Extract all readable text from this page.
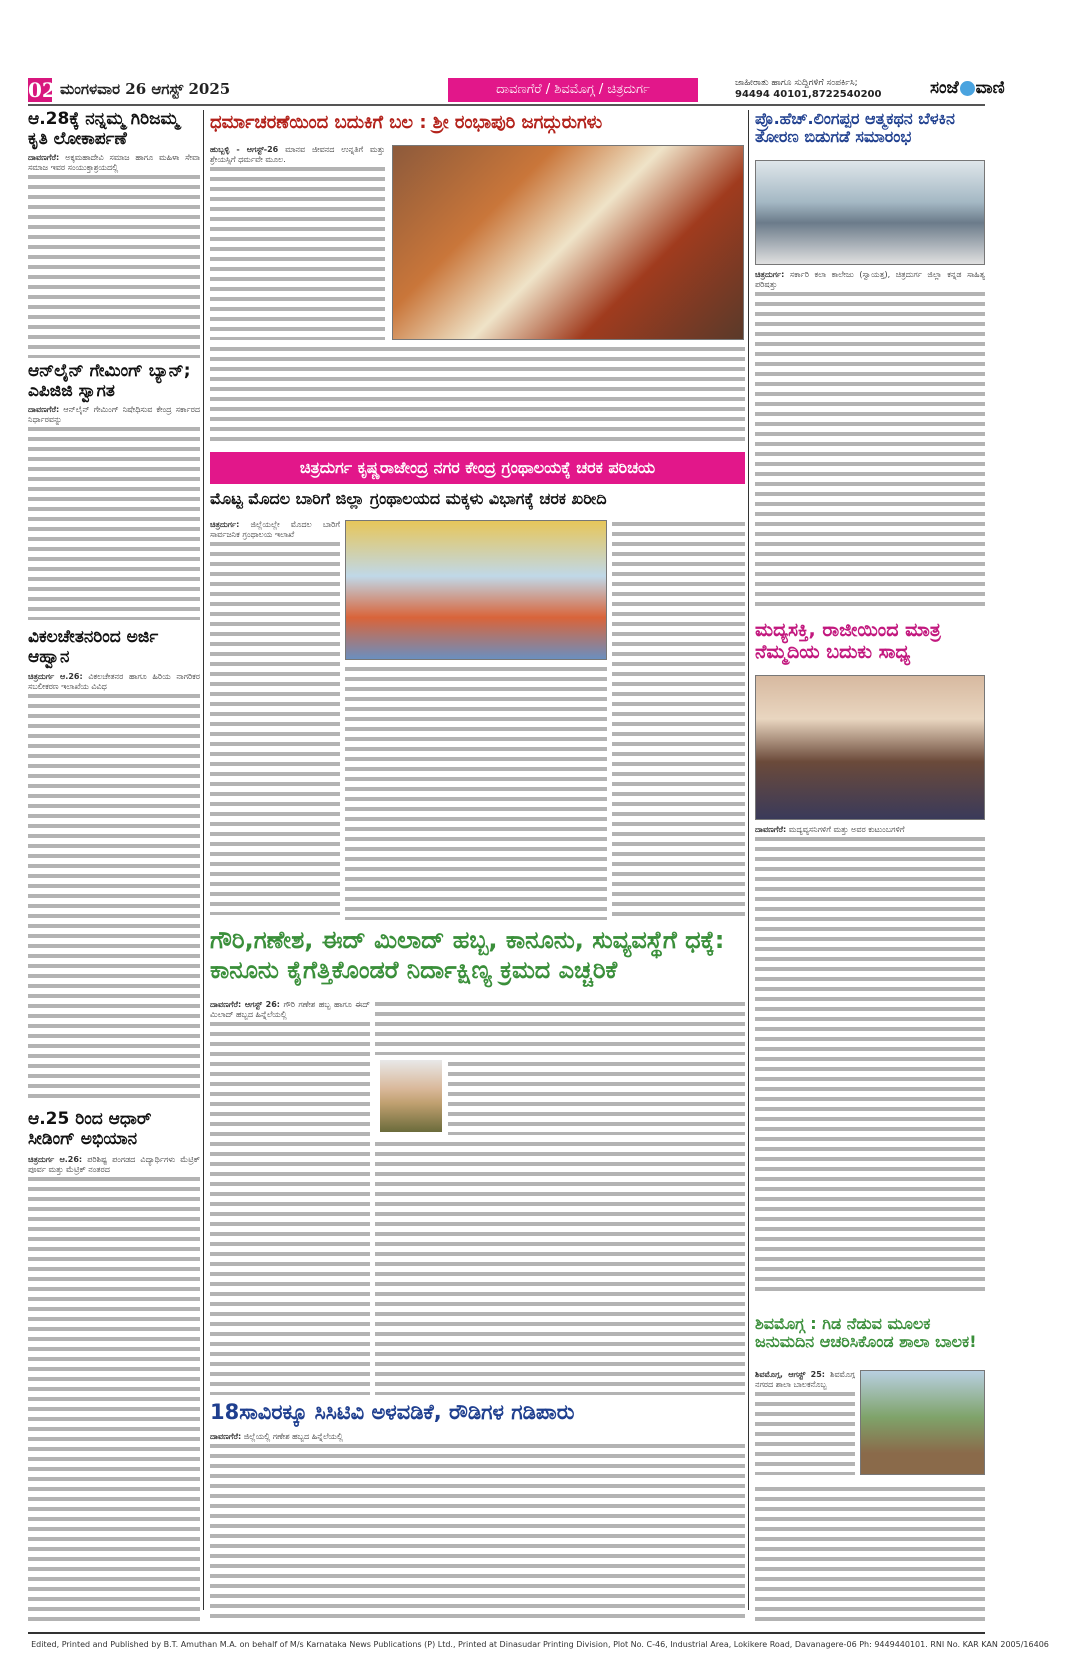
02 ಮಂಗಳವಾರ 26 ಆಗಸ್ಟ್ 2025	ದಾವಣಗೆರೆ / ಶಿವಮೊಗ್ಗ / ಚಿತ್ರದುರ್ಗ	ಜಾಹೀರಾತು ಹಾಗೂ ಸುದ್ದಿಗಳಿಗೆ ಸಂಪರ್ಕಿಸಿ;
94494 40101,8722540200	ಸಂಜೆ ವಾಣಿ
ಆ.28ಕ್ಕೆ ನನ್ನಮ್ಮ ಗಿರಿಜಮ್ಮ ಕೃತಿ ಲೋಕಾರ್ಪಣೆ

ದಾವಣಗೆರೆ: ಅಕ್ಕಮಹಾದೇವಿ ಸಮಾಜ ಹಾಗೂ ಮಹಿಳಾ ಸೇವಾ ಸಮಾಜ ಇವರ ಸಂಯುಕ್ತಾಶ್ರಯದಲ್ಲಿ

ಆನ್‌ಲೈನ್ ಗೇಮಿಂಗ್ ಬ್ಯಾನ್; ಎಪಿಜಿಜಿ ಸ್ವಾಗತ

ದಾವಣಗೆರೆ: ಆನ್‌ಲೈನ್ ಗೇಮಿಂಗ್ ನಿಷೇಧಿಸುವ ಕೇಂದ್ರ ಸರ್ಕಾರದ ನಿರ್ಧಾರವನ್ನು

ವಿಕಲಚೇತನರಿಂದ ಅರ್ಜಿ ಆಹ್ವಾನ

ಚಿತ್ರದುರ್ಗ ಆ.26: ವಿಕಲಚೇತನರ ಹಾಗೂ ಹಿರಿಯ ನಾಗರಿಕರ ಸಬಲೀಕರಣ ಇಲಾಖೆಯ ವಿವಿಧ

ಆ.25 ರಿಂದ ಆಧಾರ್ ಸೀಡಿಂಗ್ ಅಭಿಯಾನ

ಚಿತ್ರದುರ್ಗ ಆ.26: ಪರಿಶಿಷ್ಟ ಪಂಗಡದ ವಿದ್ಯಾರ್ಥಿಗಳು ಮೆಟ್ರಿಕ್ ಪೂರ್ವ ಮತ್ತು ಮೆಟ್ರಿಕ್ ನಂತರದ

ಧರ್ಮಾಚರಣೆಯಿಂದ ಬದುಕಿಗೆ ಬಲ : ಶ್ರೀ ರಂಭಾಪುರಿ ಜಗದ್ಗುರುಗಳು

ಹುಬ್ಬಳ್ಳಿ - ಆಗಸ್ಟ್-26 ಮಾನವ ಜೀವನದ ಉನ್ನತಿಗೆ ಮತ್ತು ಶ್ರೇಯಸ್ಸಿಗೆ ಧರ್ಮವೇ ಮೂಲ.

ಚಿತ್ರದುರ್ಗ ಕೃಷ್ಣರಾಜೇಂದ್ರ ನಗರ ಕೇಂದ್ರ ಗ್ರಂಥಾಲಯಕ್ಕೆ ಚರಕ ಪರಿಚಯ
ಮೊಟ್ಟ ಮೊದಲ ಬಾರಿಗೆ ಜಿಲ್ಲಾ ಗ್ರಂಥಾಲಯದ ಮಕ್ಕಳು ವಿಭಾಗಕ್ಕೆ ಚರಕ ಖರೀದಿ

ಚಿತ್ರದುರ್ಗ: ಜಿಲ್ಲೆಯಲ್ಲೇ ಮೊದಲ ಬಾರಿಗೆ ಸಾರ್ವಜನಿಕ ಗ್ರಂಥಾಲಯ ಇಲಾಖೆ

ಗೌರಿ,ಗಣೇಶ, ಈದ್ ಮಿಲಾದ್ ಹಬ್ಬ, ಕಾನೂನು, ಸುವ್ಯವಸ್ಥೆಗೆ ಧಕ್ಕೆ: ಕಾನೂನು ಕೈಗೆತ್ತಿಕೊಂಡರೆ ನಿರ್ದಾಕ್ಷಿಣ್ಯ ಕ್ರಮದ ಎಚ್ಚರಿಕೆ

ದಾವಣಗೆರೆ: ಆಗಸ್ಟ್ 26: ಗೌರಿ ಗಣೇಶ ಹಬ್ಬ ಹಾಗೂ ಈದ್ ಮಿಲಾದ್ ಹಬ್ಬದ ಹಿನ್ನೆಲೆಯಲ್ಲಿ

18ಸಾವಿರಕ್ಕೂ ಸಿಸಿಟಿವಿ ಅಳವಡಿಕೆ, ರೌಡಿಗಳ ಗಡಿಪಾರು

ದಾವಣಗೆರೆ: ಜಿಲ್ಲೆಯಲ್ಲಿ ಗಣೇಶ ಹಬ್ಬದ ಹಿನ್ನೆಲೆಯಲ್ಲಿ

ಪ್ರೊ.ಹೆಚ್.ಲಿಂಗಪ್ಪರ ಆತ್ಮಕಥನ ಬೆಳಕಿನ ತೋರಣ ಬಿಡುಗಡೆ ಸಮಾರಂಭ

ಚಿತ್ರದುರ್ಗ: ಸರ್ಕಾರಿ ಕಲಾ ಕಾಲೇಜು (ಸ್ವಾಯತ್ತ), ಚಿತ್ರದುರ್ಗ ಜಿಲ್ಲಾ ಕನ್ನಡ ಸಾಹಿತ್ಯ ಪರಿಷತ್ತು

ಮದ್ಯಸಕ್ತಿ, ರಾಜೀಯಿಂದ ಮಾತ್ರ ನೆಮ್ಮದಿಯ ಬದುಕು ಸಾಧ್ಯ

ದಾವಣಗೆರೆ: ಮದ್ಯವ್ಯಸನಿಗಳಿಗೆ ಮತ್ತು ಅವರ ಕುಟುಂಬಗಳಿಗೆ

ಶಿವಮೊಗ್ಗ : ಗಿಡ ನೆಡುವ ಮೂಲಕ ಜನುಮದಿನ ಆಚರಿಸಿಕೊಂಡ ಶಾಲಾ ಬಾಲಕ!

ಶಿವಮೊಗ್ಗ, ಆಗಸ್ಟ್ 25: ಶಿವಮೊಗ್ಗ ನಗರದ ಶಾಲಾ ಬಾಲಕನೊಬ್ಬ

Edited, Printed and Published by B.T. Amuthan M.A. on behalf of M/s Karnataka News Publications (P) Ltd., Printed at Dinasudar Printing Division, Plot No. C-46, Industrial Area, Lokikere Road, Davanagere-06 Ph: 9449440101. RNI No. KAR KAN 2005/16406
